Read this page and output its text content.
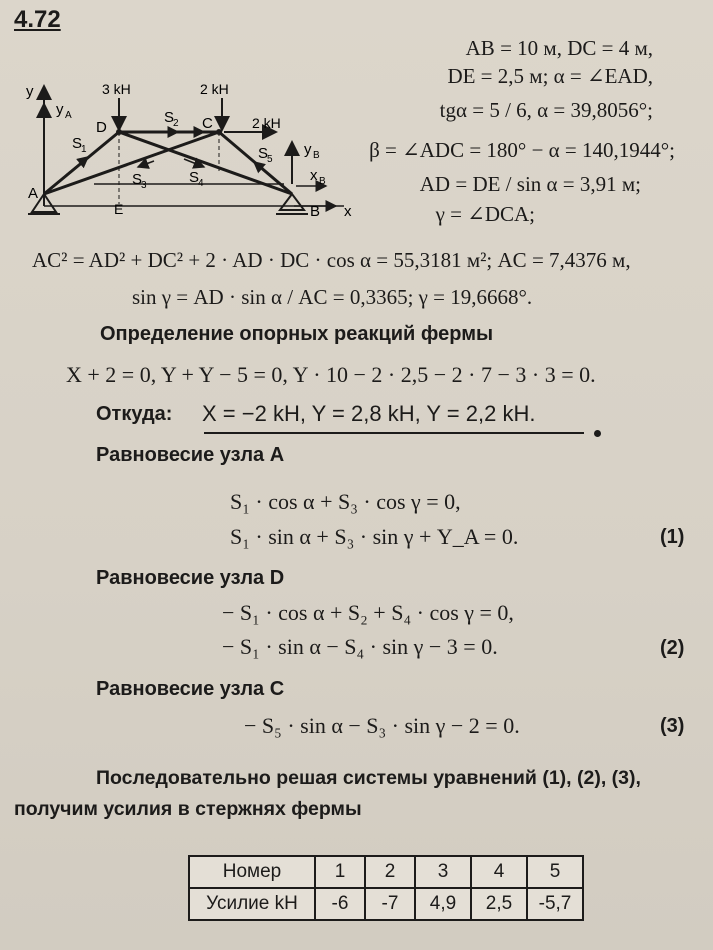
4.72
AB = 10 м, DC = 4 м,
DE = 2,5 м; α = ∠EAD,
tgα = 5 / 6, α = 39,8056°;
β = ∠ADC = 180° − α = 140,1944°;
AD = DE / sin α = 3,91 м;
γ = ∠DCA;
y
y A
3 kH	2 kH
2 kH
D	C
A
E	B x
S
1
S
2
S
3	S
4
S
5
y B
x B
AC² = AD² + DC² + 2 · AD · DC · cos α = 55,3181 м²; AC = 7,4376 м,
sin γ = AD · sin α / AC = 0,3365; γ = 19,6668°.
Определение опорных реакций фермы
X + 2 = 0, Y + Y − 5 = 0, Y · 10 − 2 · 2,5 − 2 · 7 − 3 · 3 = 0.
Откуда: X = −2 kH, Y = 2,8 kH, Y = 2,2 kH.
Равновесие узла A
S₁ · cos α + S₃ · cos γ = 0,
S₁ · sin α + S₃ · sin γ + Y_A = 0.	(1)
Равновесие узла D
− S₁ · cos α + S₂ + S₄ · cos γ = 0,
− S₁ · sin α − S₄ · sin γ − 3 = 0.	(2)
Равновесие узла C
− S₅ · sin α − S₃ · sin γ − 2 = 0.	(3)
Последовательно решая системы уравнений (1), (2), (3),
получим усилия в стержнях фермы
Номер	1	2	3	4	5
Усилие kH	-6	-7	4,9	2,5	-5,7
